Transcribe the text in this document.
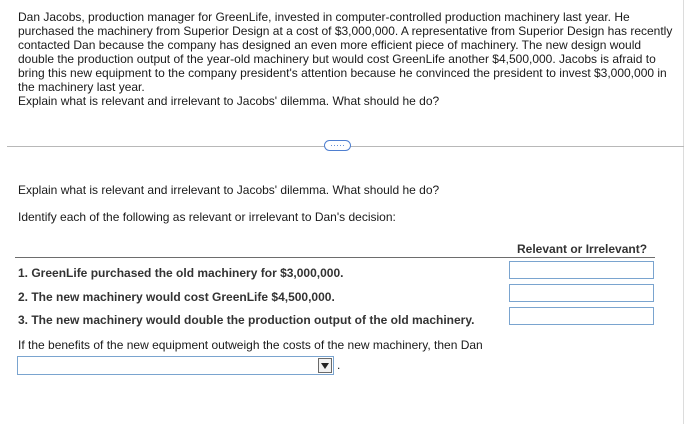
Dan Jacobs, production manager for GreenLife, invested in computer-controlled production machinery last year. He purchased the machinery from Superior Design at a cost of $3,000,000. A representative from Superior Design has recently contacted Dan because the company has designed an even more efficient piece of machinery. The new design would double the production output of the year-old machinery but would cost GreenLife another $4,500,000. Jacobs is afraid to bring this new equipment to the company president's attention because he convinced the president to invest $3,000,000 in the machinery last year.
Explain what is relevant and irrelevant to Jacobs' dilemma. What should he do?
·····
Explain what is relevant and irrelevant to Jacobs' dilemma. What should he do?
Identify each of the following as relevant or irrelevant to Dan's decision:
Relevant or Irrelevant?
1. GreenLife purchased the old machinery for $3,000,000.
2. The new machinery would cost GreenLife $4,500,000.
3. The new machinery would double the production output of the old machinery.
If the benefits of the new equipment outweigh the costs of the new machinery, then Dan
.
